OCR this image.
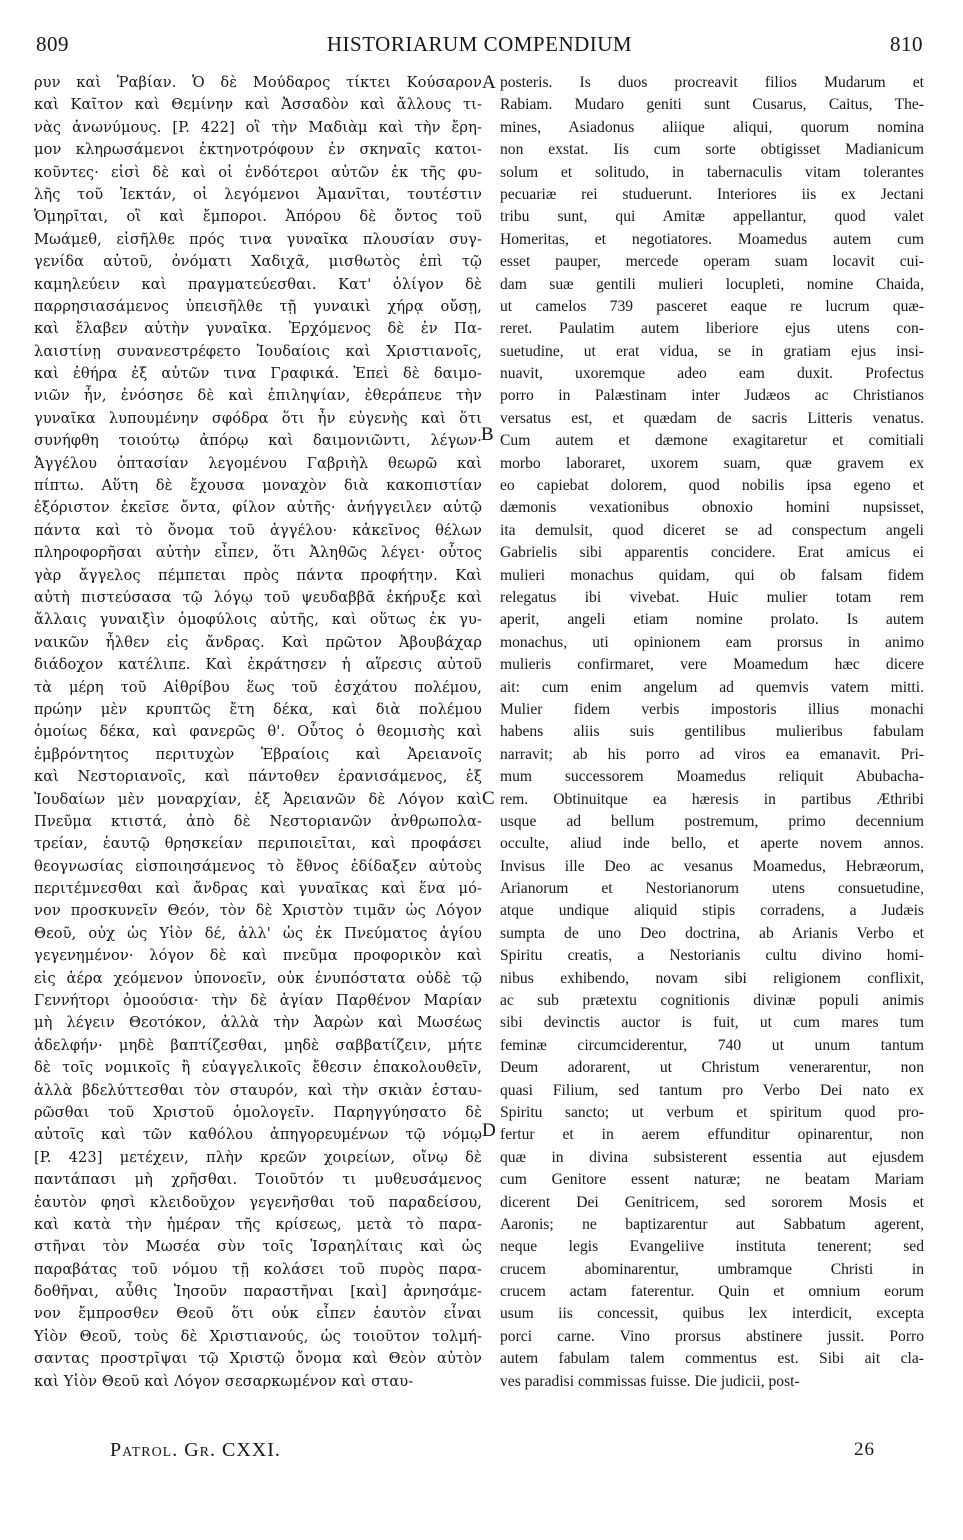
809	HISTORIARUM COMPENDIUM	810
ρυν καὶ Ῥαβίαν. Ὁ δὲ Μούδαρος τίκτει Κούσαρον
καὶ Καῖτον καὶ Θεμίνην καὶ Ἀσσαδὸν καὶ ἄλλους τι-
νὰς ἀνωνύμους. [P. 422] οἳ τὴν Μαδιὰμ καὶ τὴν ἔρη-
μον κληρωσάμενοι ἐκτηνοτρόφουν ἐν σκηναῖς κατοι-
κοῦντες· εἰσὶ δὲ καὶ οἱ ἐνδότεροι αὐτῶν ἐκ τῆς φυ-
λῆς τοῦ Ἰεκτάν, οἱ λεγόμενοι Ἀμανῖται, τουτέστιν
Ὁμηρῖται, οἳ καὶ ἔμποροι. Ἀπόρου δὲ ὄντος τοῦ
Μωάμεθ, εἰσῆλθε πρός τινα γυναῖκα πλουσίαν συγ-
γενίδα αὐτοῦ, ὀνόματι Χαδιχᾶ, μισθωτὸς ἐπὶ τῷ
καμηλεύειν καὶ πραγματεύεσθαι. Κατ' ὀλίγον δὲ
παρρησιασάμενος ὑπεισῆλθε τῇ γυναικὶ χήρᾳ οὔσῃ,
καὶ ἔλαβεν αὐτὴν γυναῖκα. Ἐρχόμενος δὲ ἐν Πα-
λαιστίνῃ συνανεστρέφετο Ἰουδαίοις καὶ Χριστιανοῖς,
καὶ ἐθήρα ἐξ αὐτῶν τινα Γραφικά. Ἐπεὶ δὲ δαιμο-
νιῶν ἦν, ἐνόσησε δὲ καὶ ἐπιληψίαν, ἐθεράπευε τὴν
γυναῖκα λυπουμένην σφόδρα ὅτι ἦν εὐγενὴς καὶ ὅτι
συνήφθη τοιούτῳ ἀπόρῳ καὶ δαιμονιῶντι, λέγων·
Ἀγγέλου ὀπτασίαν λεγομένου Γαβριὴλ θεωρῶ καὶ
πίπτω. Αὕτη δὲ ἔχουσα μοναχὸν διὰ κακοπιστίαν
ἐξόριστον ἐκεῖσε ὄντα, φίλον αὐτῆς· ἀνήγγειλεν αὐτῷ
πάντα καὶ τὸ ὄνομα τοῦ ἀγγέλου· κἀκεῖνος θέλων
πληροφορῆσαι αὐτὴν εἶπεν, ὅτι Ἀληθῶς λέγει· οὗτος
γὰρ ἄγγελος πέμπεται πρὸς πάντα προφήτην. Καὶ
αὐτὴ πιστεύσασα τῷ λόγῳ τοῦ ψευδαββᾶ ἐκήρυξε καὶ
ἄλλαις γυναιξὶν ὁμοφύλοις αὐτῆς, καὶ οὕτως ἐκ γυ-
ναικῶν ἦλθεν εἰς ἄνδρας. Καὶ πρῶτον Ἀβουβάχαρ
διάδοχον κατέλιπε. Καὶ ἐκράτησεν ἡ αἵρεσις αὐτοῦ
τὰ μέρη τοῦ Αἰθρίβου ἕως τοῦ ἐσχάτου πολέμου,
πρώην μὲν κρυπτῶς ἔτη δέκα, καὶ διὰ πολέμου
ὁμοίως δέκα, καὶ φανερῶς θ'. Οὗτος ὁ θεομισὴς καὶ
ἐμβρόντητος περιτυχὼν Ἑβραίοις καὶ Ἀρειανοῖς
καὶ Νεστοριανοῖς, καὶ πάντοθεν ἐρανισάμενος, ἐξ
Ἰουδαίων μὲν μοναρχίαν, ἐξ Ἀρειανῶν δὲ Λόγον καὶ
Πνεῦμα κτιστά, ἀπὸ δὲ Νεστοριανῶν ἀνθρωπολα-
τρείαν, ἑαυτῷ θρησκείαν περιποιεῖται, καὶ προφάσει
θεογνωσίας εἰσποιησάμενος τὸ ἔθνος ἐδίδαξεν αὐτοὺς
περιτέμνεσθαι καὶ ἄνδρας καὶ γυναῖκας καὶ ἕνα μό-
νον προσκυνεῖν Θεόν, τὸν δὲ Χριστὸν τιμᾶν ὡς Λόγον
Θεοῦ, οὐχ ὡς Υἱὸν δέ, ἀλλ' ὡς ἐκ Πνεύματος ἁγίου
γεγενημένον· λόγον δὲ καὶ πνεῦμα προφορικὸν καὶ
εἰς ἀέρα χεόμενον ὑπονοεῖν, οὐκ ἐνυπόστατα οὐδὲ τῷ
Γεννήτορι ὁμοούσια· τὴν δὲ ἁγίαν Παρθένον Μαρίαν
μὴ λέγειν Θεοτόκον, ἀλλὰ τὴν Ἀαρὼν καὶ Μωσέως
ἀδελφήν· μηδὲ βαπτίζεσθαι, μηδὲ σαββατίζειν, μήτε
δὲ τοῖς νομικοῖς ἢ εὐαγγελικοῖς ἔθεσιν ἐπακολουθεῖν,
ἀλλὰ βδελύττεσθαι τὸν σταυρόν, καὶ τὴν σκιὰν ἐσταυ-
ρῶσθαι τοῦ Χριστοῦ ὁμολογεῖν. Παρηγγύησατο δὲ
αὐτοῖς καὶ τῶν καθόλου ἀπηγορευμένων τῷ νόμῳ
[P. 423] μετέχειν, πλὴν κρεῶν χοιρείων, οἴνῳ δὲ
παντάπασι μὴ χρῆσθαι. Τοιοῦτόν τι μυθευσάμενος
ἑαυτὸν φησὶ κλειδοῦχον γεγενῆσθαι τοῦ παραδείσου,
καὶ κατὰ τὴν ἡμέραν τῆς κρίσεως, μετὰ τὸ παρα-
στῆναι τὸν Μωσέα σὺν τοῖς Ἰσραηλίταις καὶ ὡς
παραβάτας τοῦ νόμου τῇ κολάσει τοῦ πυρὸς παρα-
δοθῆναι, αὖθις Ἰησοῦν παραστῆναι [καὶ] ἀρνησάμε-
νον ἔμπροσθεν Θεοῦ ὅτι οὐκ εἶπεν ἑαυτὸν εἶναι
Υἱὸν Θεοῦ, τοὺς δὲ Χριστιανούς, ὡς τοιοῦτον τολμή-
σαντας προστρῖψαι τῷ Χριστῷ ὄνομα καὶ Θεὸν αὐτὸν
καὶ Υἱὸν Θεοῦ καὶ Λόγον σεσαρκωμένον καὶ σταυ-
posteris. Is duos procreavit filios Mudarum et
Rabiam. Mudaro geniti sunt Cusarus, Caitus, The-
mines, Asiadonus aliique aliqui, quorum nomina
non exstat. Iis cum sorte obtigisset Madianicum
solum et solitudo, in tabernaculis vitam tolerantes
pecuariæ rei studuerunt. Interiores iis ex Jectani
tribu sunt, qui Amitæ appellantur, quod valet
Homeritas, et negotiatores. Moamedus autem cum
esset pauper, mercede operam suam locavit cui-
dam suæ gentili mulieri locupleti, nomine Chaida,
ut camelos 739 pasceret eaque re lucrum quæ-
reret. Paulatim autem liberiore ejus utens con-
suetudine, ut erat vidua, se in gratiam ejus insi-
nuavit, uxoremque adeo eam duxit. Profectus
porro in Palæstinam inter Judæos ac Christianos
versatus est, et quædam de sacris Litteris venatus.
Cum autem et dæmone exagitaretur et comitiali
morbo laboraret, uxorem suam, quæ gravem ex
eo capiebat dolorem, quod nobilis ipsa egeno et
dæmonis vexationibus obnoxio homini nupsisset,
ita demulsit, quod diceret se ad conspectum angeli
Gabrielis sibi apparentis concidere. Erat amicus ei
mulieri monachus quidam, qui ob falsam fidem
relegatus ibi vivebat. Huic mulier totam rem
aperit, angeli etiam nomine prolato. Is autem
monachus, uti opinionem eam prorsus in animo
mulieris confirmaret, vere Moamedum hæc dicere
ait: cum enim angelum ad quemvis vatem mitti.
Mulier fidem verbis impostoris illius monachi
habens aliis suis gentilibus mulieribus fabulam
narravit; ab his porro ad viros ea emanavit. Pri-
mum successorem Moamedus reliquit Abubacha-
rem. Obtinuitque ea hæresis in partibus Æthribi
usque ad bellum postremum, primo decennium
occulte, aliud inde bello, et aperte novem annos.
Invisus ille Deo ac vesanus Moamedus, Hebræorum,
Arianorum et Nestorianorum utens consuetudine,
atque undique aliquid stipis corradens, a Judæis
sumpta de uno Deo doctrina, ab Arianis Verbo et
Spiritu creatis, a Nestorianis cultu divino homi-
nibus exhibendo, novam sibi religionem conflixit,
ac sub prætextu cognitionis divinæ populi animis
sibi devinctis auctor is fuit, ut cum mares tum
feminæ circumciderentur, 740 ut unum tantum
Deum adorarent, ut Christum venerarentur, non
quasi Filium, sed tantum pro Verbo Dei nato ex
Spiritu sancto; ut verbum et spiritum quod pro-
fertur et in aerem effunditur opinarentur, non
quæ in divina subsisterent essentia aut ejusdem
cum Genitore essent naturæ; ne beatam Mariam
dicerent Dei Genitricem, sed sororem Mosis et
Aaronis; ne baptizarentur aut Sabbatum agerent,
neque legis Evangeliive instituta tenerent; sed
crucem abominarentur, umbramque Christi in
crucem actam faterentur. Quin et omnium eorum
usum iis concessit, quibus lex interdicit, excepta
porci carne. Vino prorsus abstinere jussit. Porro
autem fabulam talem commentus est. Sibi ait cla-
ves paradisi commissas fuisse. Die judicii, post-
A
B
C
D
Patrol. Gr. CXXI.	26
